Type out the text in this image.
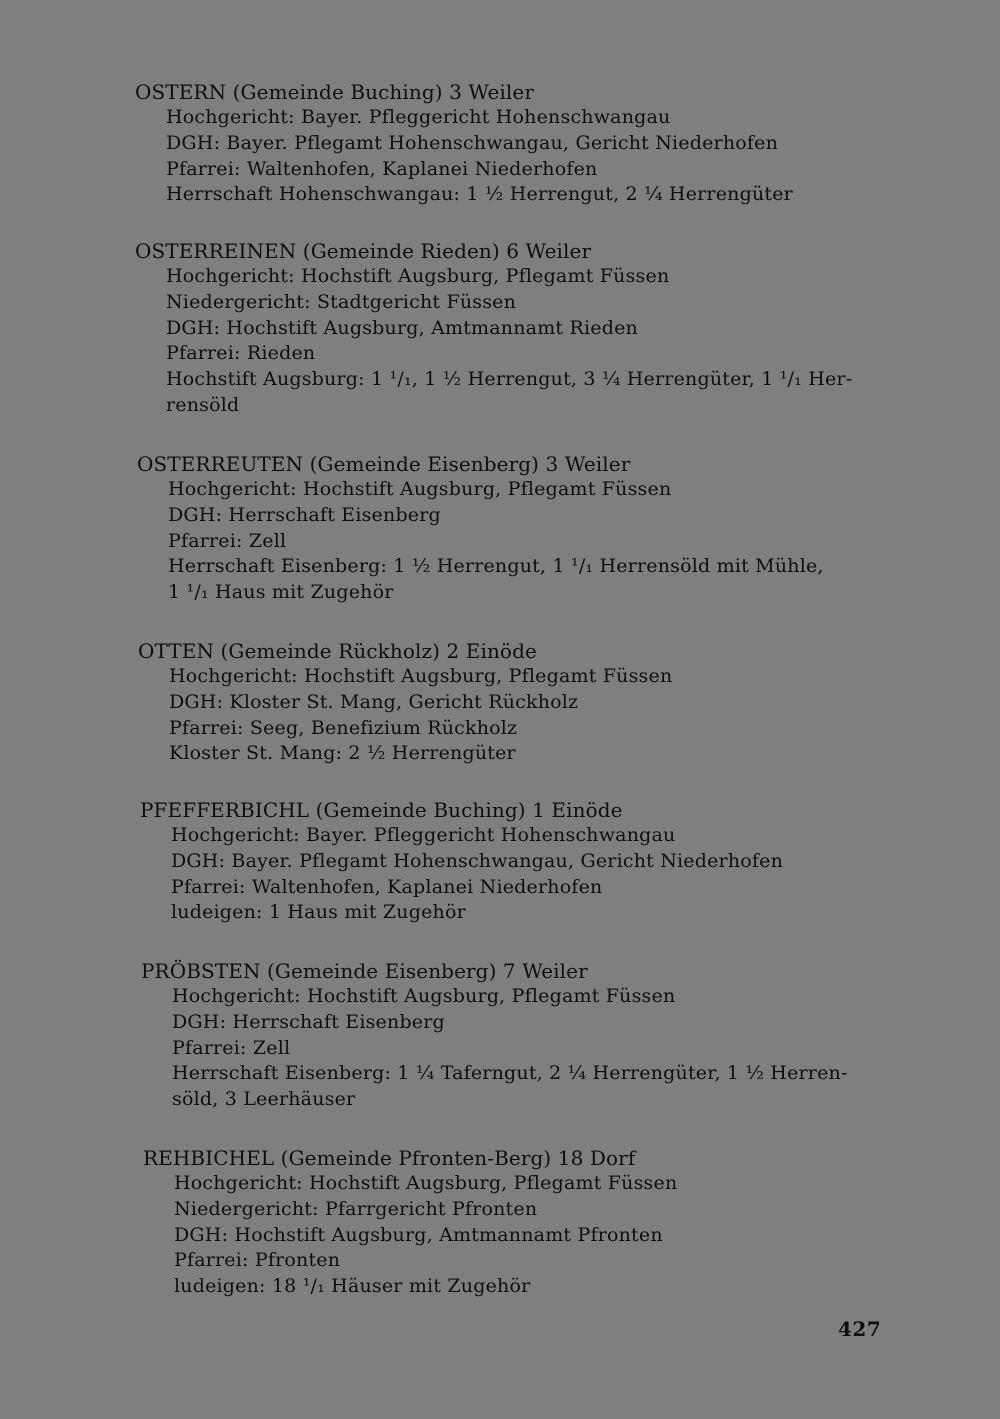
OSTERN (Gemeinde Buching) 3 Weiler
Hochgericht: Bayer. Pfleggericht Hohenschwangau
DGH: Bayer. Pflegamt Hohenschwangau, Gericht Niederhofen
Pfarrei: Waltenhofen, Kaplanei Niederhofen
Herrschaft Hohenschwangau: 1 ½ Herrengut, 2 ¼ Herrengüter
OSTERREINEN (Gemeinde Rieden) 6 Weiler
Hochgericht: Hochstift Augsburg, Pflegamt Füssen
Niedergericht: Stadtgericht Füssen
DGH: Hochstift Augsburg, Amtmannamt Rieden
Pfarrei: Rieden
Hochstift Augsburg: 1 ¹/₁, 1 ½ Herrengut, 3 ¼ Herrengüter, 1 ¹/₁ Her-
rensöld
OSTERREUTEN (Gemeinde Eisenberg) 3 Weiler
Hochgericht: Hochstift Augsburg, Pflegamt Füssen
DGH: Herrschaft Eisenberg
Pfarrei: Zell
Herrschaft Eisenberg: 1 ½ Herrengut, 1 ¹/₁ Herrensöld mit Mühle,
1 ¹/₁ Haus mit Zugehör
OTTEN (Gemeinde Rückholz) 2 Einöde
Hochgericht: Hochstift Augsburg, Pflegamt Füssen
DGH: Kloster St. Mang, Gericht Rückholz
Pfarrei: Seeg, Benefizium Rückholz
Kloster St. Mang: 2 ½ Herrengüter
PFEFFERBICHL (Gemeinde Buching) 1 Einöde
Hochgericht: Bayer. Pfleggericht Hohenschwangau
DGH: Bayer. Pflegamt Hohenschwangau, Gericht Niederhofen
Pfarrei: Waltenhofen, Kaplanei Niederhofen
ludeigen: 1 Haus mit Zugehör
PRÖBSTEN (Gemeinde Eisenberg) 7 Weiler
Hochgericht: Hochstift Augsburg, Pflegamt Füssen
DGH: Herrschaft Eisenberg
Pfarrei: Zell
Herrschaft Eisenberg: 1 ¼ Taferngut, 2 ¼ Herrengüter, 1 ½ Herren-
söld, 3 Leerhäuser
REHBICHEL (Gemeinde Pfronten-Berg) 18 Dorf
Hochgericht: Hochstift Augsburg, Pflegamt Füssen
Niedergericht: Pfarrgericht Pfronten
DGH: Hochstift Augsburg, Amtmannamt Pfronten
Pfarrei: Pfronten
ludeigen: 18 ¹/₁ Häuser mit Zugehör
427
